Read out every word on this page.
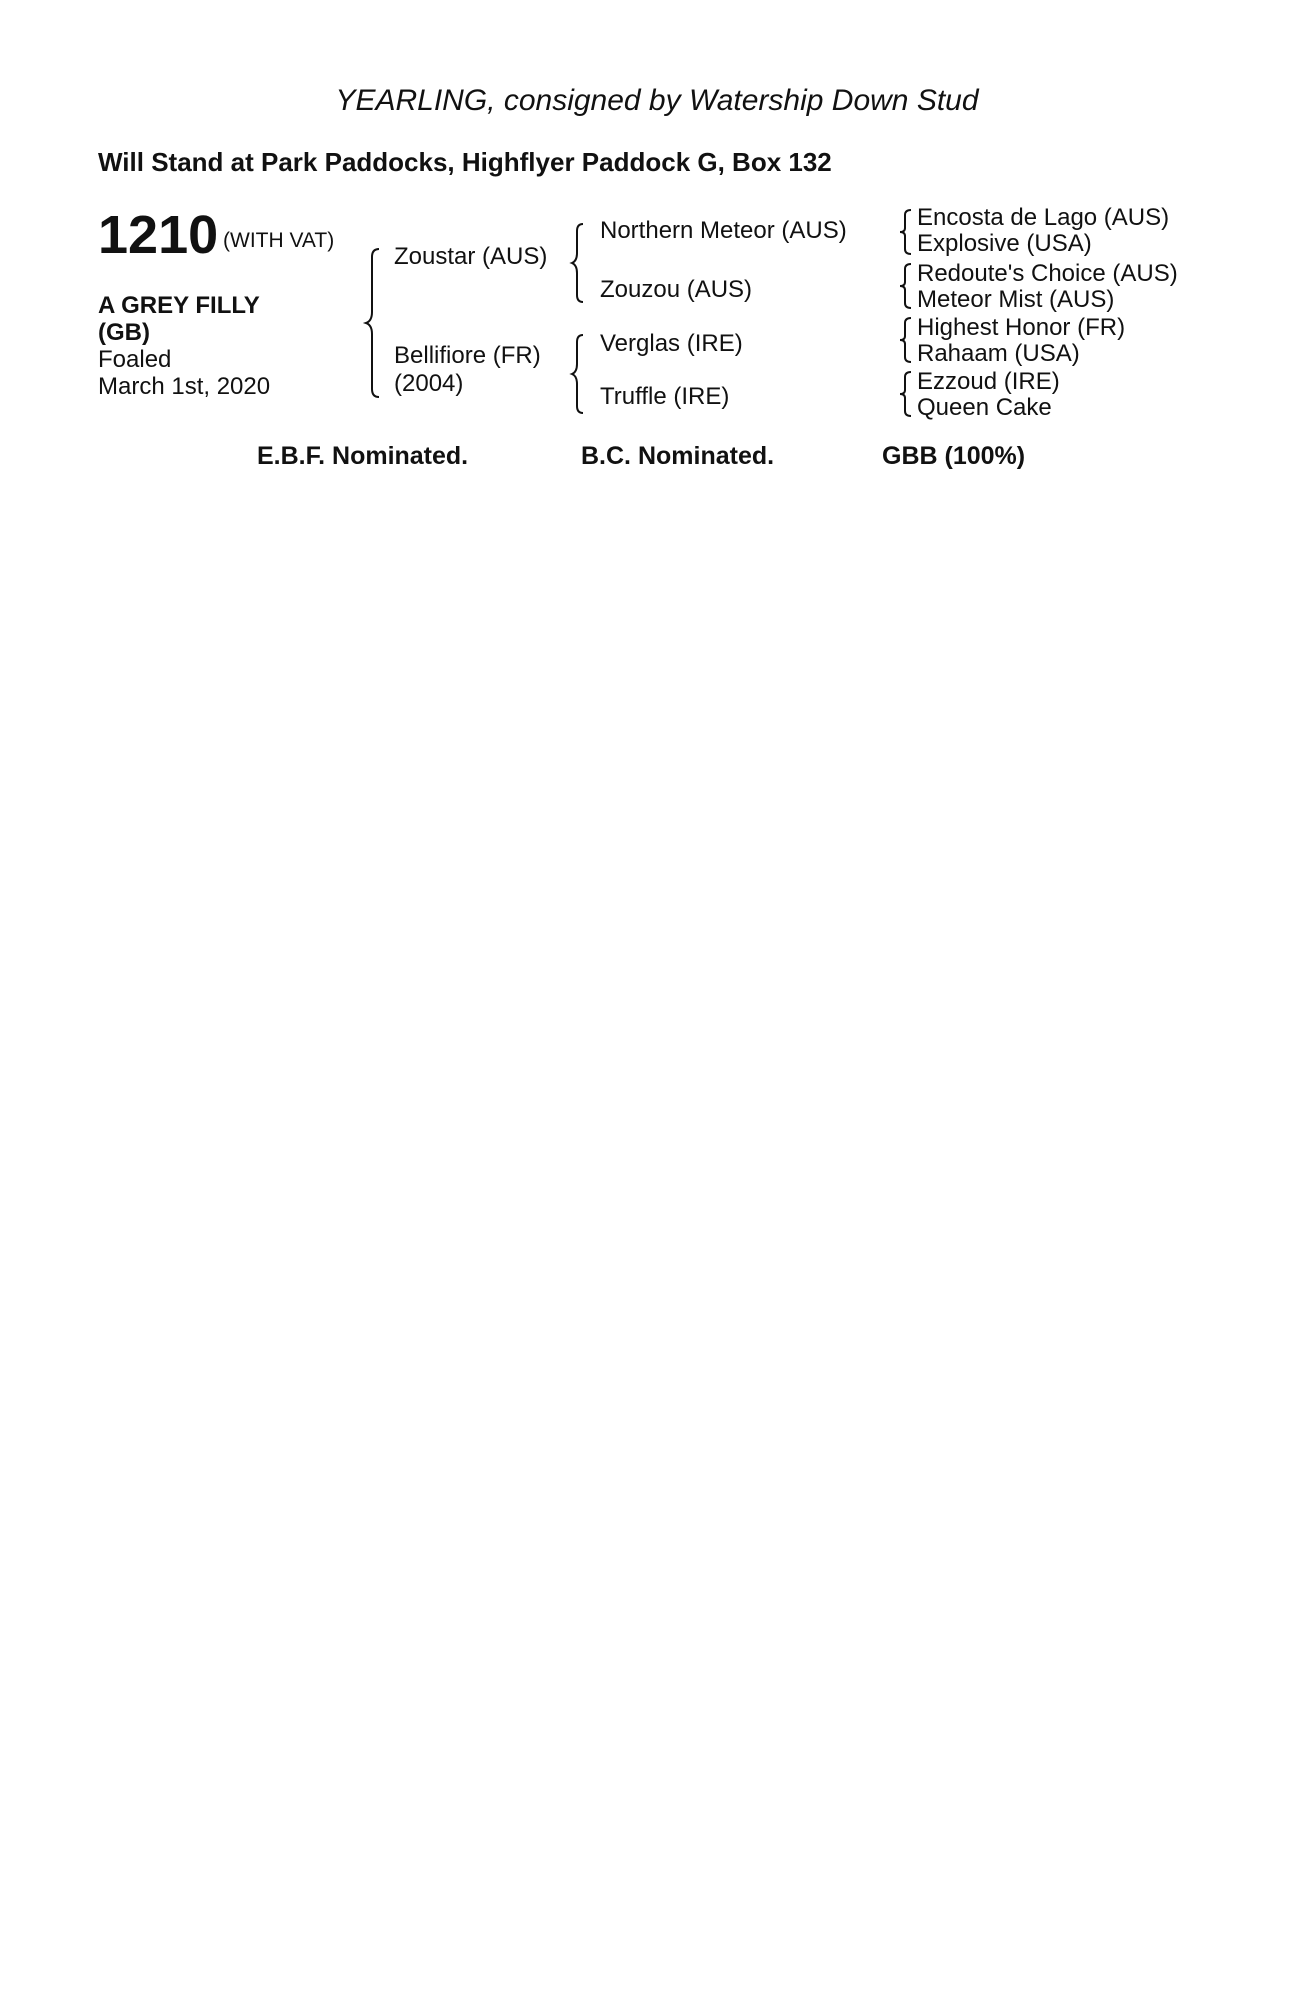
YEARLING, consigned by Watership Down Stud
Will Stand at Park Paddocks, Highflyer Paddock G, Box 132
1210 (WITH VAT)
A GREY FILLY
(GB)
Foaled
March 1st, 2020
Zoustar (AUS)
Bellifiore (FR)
(2004)
Northern Meteor (AUS)
Zouzou (AUS)
Verglas (IRE)
Truffle (IRE)
Encosta de Lago (AUS)
Explosive (USA)
Redoute's Choice (AUS)
Meteor Mist (AUS)
Highest Honor (FR)
Rahaam (USA)
Ezzoud (IRE)
Queen Cake
E.B.F. Nominated.	B.C. Nominated.	GBB (100%)
